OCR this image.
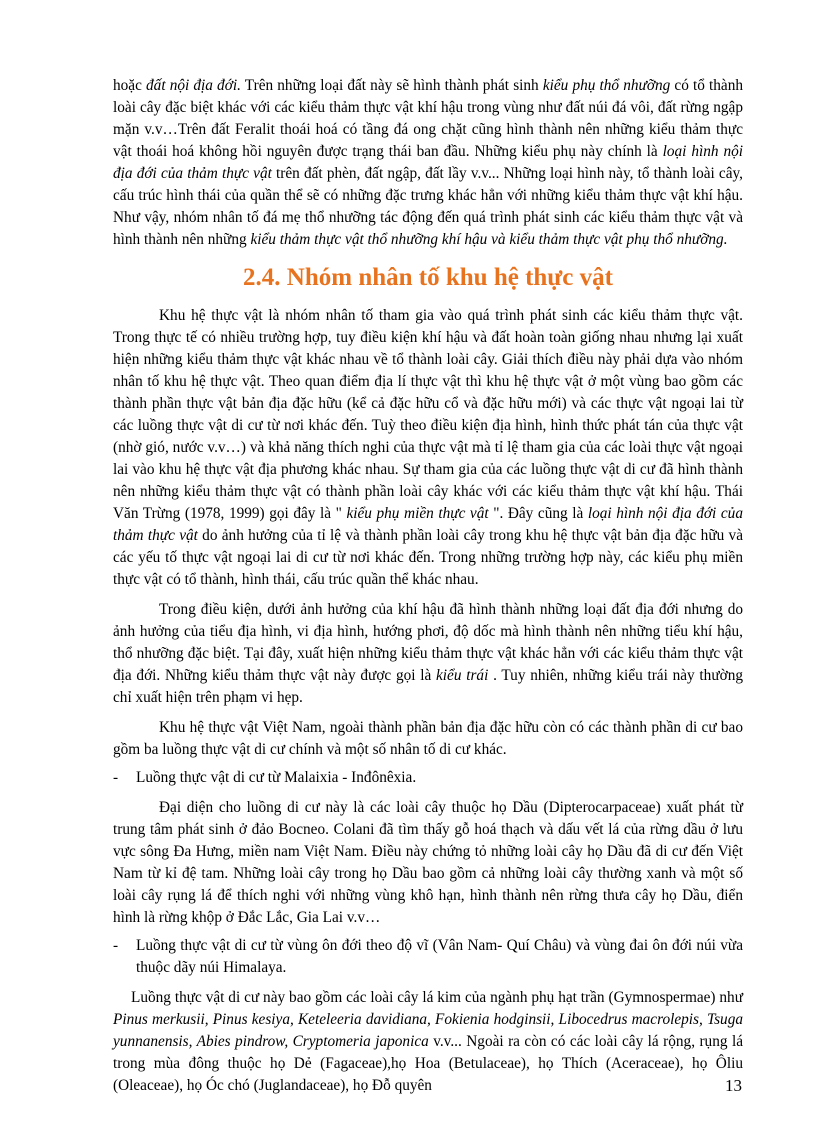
hoặc đất nội địa đới. Trên những loại đất này sẽ hình thành phát sinh kiểu phụ thổ nhưỡng có tổ thành loài cây đặc biệt khác với các kiểu thảm thực vật khí hậu trong vùng như đất núi đá vôi, đất rừng ngập mặn v.v…Trên đất Feralit thoái hoá có tầng đá ong chặt cũng hình thành nên những kiểu thảm thực vật thoái hoá không hồi nguyên được trạng thái ban đầu. Những kiểu phụ này chính là loại hình nội địa đới của thảm thực vật trên đất phèn, đất ngập, đất lầy v.v... Những loại hình này, tổ thành loài cây, cấu trúc hình thái của quần thể sẽ có những đặc trưng khác hẳn với những kiểu thảm thực vật khí hậu. Như vậy, nhóm nhân tố đá mẹ thổ nhưỡng tác động đến quá trình phát sinh các kiểu thảm thực vật và hình thành nên những kiểu thảm thực vật thổ nhưỡng khí hậu và kiểu thảm thực vật phụ thổ nhưỡng.

2.4. Nhóm nhân tố khu hệ thực vật

Khu hệ thực vật là nhóm nhân tố tham gia vào quá trình phát sinh các kiểu thảm thực vật. Trong thực tế có nhiều trường hợp, tuy điều kiện khí hậu và đất hoàn toàn giống nhau nhưng lại xuất hiện những kiểu thảm thực vật khác nhau về tổ thành loài cây. Giải thích điều này phải dựa vào nhóm nhân tố khu hệ thực vật. Theo quan điểm địa lí thực vật thì khu hệ thực vật ở một vùng bao gồm các thành phần thực vật bản địa đặc hữu (kể cả đặc hữu cổ và đặc hữu mới) và các thực vật ngoại lai từ các luồng thực vật di cư từ nơi khác đến. Tuỳ theo điều kiện địa hình, hình thức phát tán của thực vật (nhờ gió, nước v.v…) và khả năng thích nghi của thực vật mà tỉ lệ tham gia của các loài thực vật ngoại lai vào khu hệ thực vật địa phương khác nhau. Sự tham gia của các luồng thực vật di cư đã hình thành nên những kiểu thảm thực vật có thành phần loài cây khác với các kiểu thảm thực vật khí hậu. Thái Văn Trừng (1978, 1999) gọi đây là " kiểu phụ miền thực vật ". Đây cũng là loại hình nội địa đới của thảm thực vật do ảnh hưởng của tỉ lệ và thành phần loài cây trong khu hệ thực vật bản địa đặc hữu và các yếu tố thực vật ngoại lai di cư từ nơi khác đến. Trong những trường hợp này, các kiểu phụ miền thực vật có tổ thành, hình thái, cấu trúc quần thể khác nhau.

Trong điều kiện, dưới ảnh hưởng của khí hậu đã hình thành những loại đất địa đới nhưng do ảnh hưởng của tiểu địa hình, vi địa hình, hướng phơi, độ dốc mà hình thành nên những tiểu khí hậu, thổ nhưỡng đặc biệt. Tại đây, xuất hiện những kiểu thảm thực vật khác hẳn với các kiểu thảm thực vật địa đới. Những kiểu thảm thực vật này được gọi là kiểu trái . Tuy nhiên, những kiểu trái này thường chỉ xuất hiện trên phạm vi hẹp.

Khu hệ thực vật Việt Nam, ngoài thành phần bản địa đặc hữu còn có các thành phần di cư bao gồm ba luồng thực vật di cư chính và một số nhân tố di cư khác.

-	Luồng thực vật di cư từ Malaixia - Inđônêxia.

Đại diện cho luồng di cư này là các loài cây thuộc họ Dầu (Dipterocarpaceae) xuất phát từ trung tâm phát sinh ở đảo Bocneo. Colani đã tìm thấy gỗ hoá thạch và dấu vết lá của rừng dầu ở lưu vực sông Đa Hưng, miền nam Việt Nam. Điều này chứng tỏ những loài cây họ Dầu đã di cư đến Việt Nam từ kỉ đệ tam. Những loài cây trong họ Dầu bao gồm cả những loài cây thường xanh và một số loài cây rụng lá để thích nghi với những vùng khô hạn, hình thành nên rừng thưa cây họ Dầu, điển hình là rừng khộp ở Đắc Lắc, Gia Lai v.v…

-	Luồng thực vật di cư từ vùng ôn đới theo độ vĩ (Vân Nam- Quí Châu) và vùng đai ôn đới núi vừa thuộc dãy núi Himalaya.

Luồng thực vật di cư này bao gồm các loài cây lá kim của ngành phụ hạt trần (Gymnospermae) như Pinus merkusii, Pinus kesiya, Keteleeria davidiana, Fokienia hodginsii, Libocedrus macrolepis, Tsuga yunnanensis, Abies pindrow, Cryptomeria japonica v.v... Ngoài ra còn có các loài cây lá rộng, rụng lá trong mùa đông thuộc họ Dẻ (Fagaceae),họ Hoa (Betulaceae), họ Thích (Aceraceae), họ Ôliu (Oleaceae), họ Óc chó (Juglandaceae), họ Đỗ quyên	13
